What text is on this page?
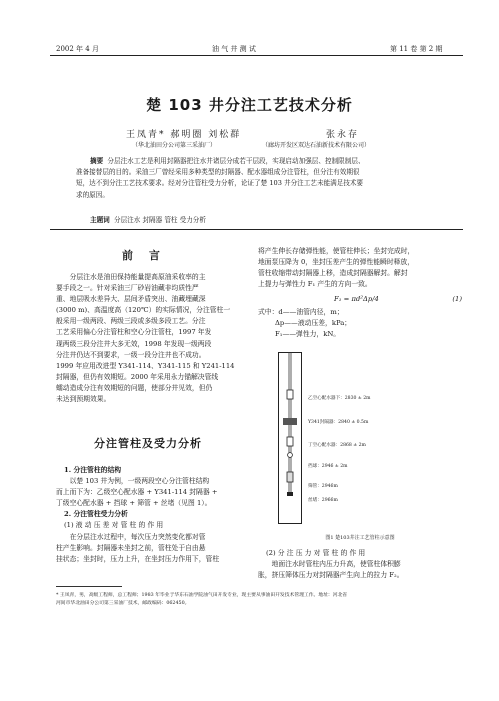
2002 年 4 月	油 气 井 测 试	第 11 卷 第 2 期
楚 103 井分注工艺技术分析
王凤青* 郝明圈 刘松群	张永存
（华北油田分公司第三采油厂）	（廊坊开发区双达石油新技术有限公司）
摘要 分层注水工艺是利用封隔器把注水井诸层分成若干层段，实现启动加强层、控制限制层、
准备接替层的目的。采油三厂曾经采用多种类型的封隔器、配水器组成分注管柱，但分注有效期很
短，达不到分注工艺技术要求。经对分注管柱受力分析，论证了楚 103 井分注工艺未能满足技术要
求的原因。
主题词 分层注水 封隔器 管柱 受力分析
前 言
分层注水是油田保持能量提高原油采收率的主
要手段之一。针对采油三厂砂岩油藏非均质性严
重、地层吸水差异大、层间矛盾突出、油藏埋藏深
(3000 m)、高温度高（120℃）的实际情况，分注管柱一
般采用一级两段、两级三段或多级多段工艺。分注
工艺采用偏心分注管柱和空心分注管柱，1997 年发
现两级三段分注井大多无效，1998 年发现一级两段
分注井仍达不到要求，一级一段分注井也不成功。
1999 年应用改进型 Y341-114、Y341-115 和 Y241-114
封隔器，但仍有效期短。2000 年采用永力锚解决管线
蠕动造成分注有效期短的问题，使部分井见效，但仍
未达到预期效果。
分注管柱及受力分析
1. 分注管柱的结构
以楚 103 井为例，一级两段空心分注管柱结构
而上而下为：乙级空心配水器 + Y341-114 封隔器 +
丁级空心配水器 + 挡球 + 筛管 + 丝堵（见图 1）。
2. 分注管柱受力分析
(1) 液 动 压 差 对 管 柱 的 作 用
在分层注水过程中，每次压力突然变化都对管
柱产生影响。封隔器未坐封之前，管柱处于自由悬
挂状态；坐封时，压力上升，在坐封压力作用下，管柱
将产生伸长存储弹性能，使管柱伸长；坐封完成时，
地面泵压降为 0，坐封压差产生的弹性能瞬时释放，
管柱收缩带动封隔器上移，造成封隔器解封。解封
上提力与弹性力 F₁ 产生的方向一致。
F₁ = πd²Δp/4	(1)
式中：d——油管内径，m；
Δp——液动压差，kPa；
F₁——弹性力，kN。
乙空心配水器下：2830 ± 2m
Y341封隔器：2840 ± 0.5m
丁空心配水器：2868 ± 2m
挡球：2946 ± 2m
筛管：2946m
丝堵：2966m
图1 楚103井注工艺管柱示意图
(2) 分 注 压 力 对 管 柱 的 作 用
地面注水时管柱内压力升高，使管柱体积膨
胀，挤压筛体压力对封隔器产生向上的拉力 F₂。
* 王凤青，男，高级工程师，总工程师；1983 年毕业于华东石油学院油气田开发专业，现主要从事油田开发技术管理工作。地址：河北省
河间市华北油田分公司第三采油厂技术，邮政编码：062450。
